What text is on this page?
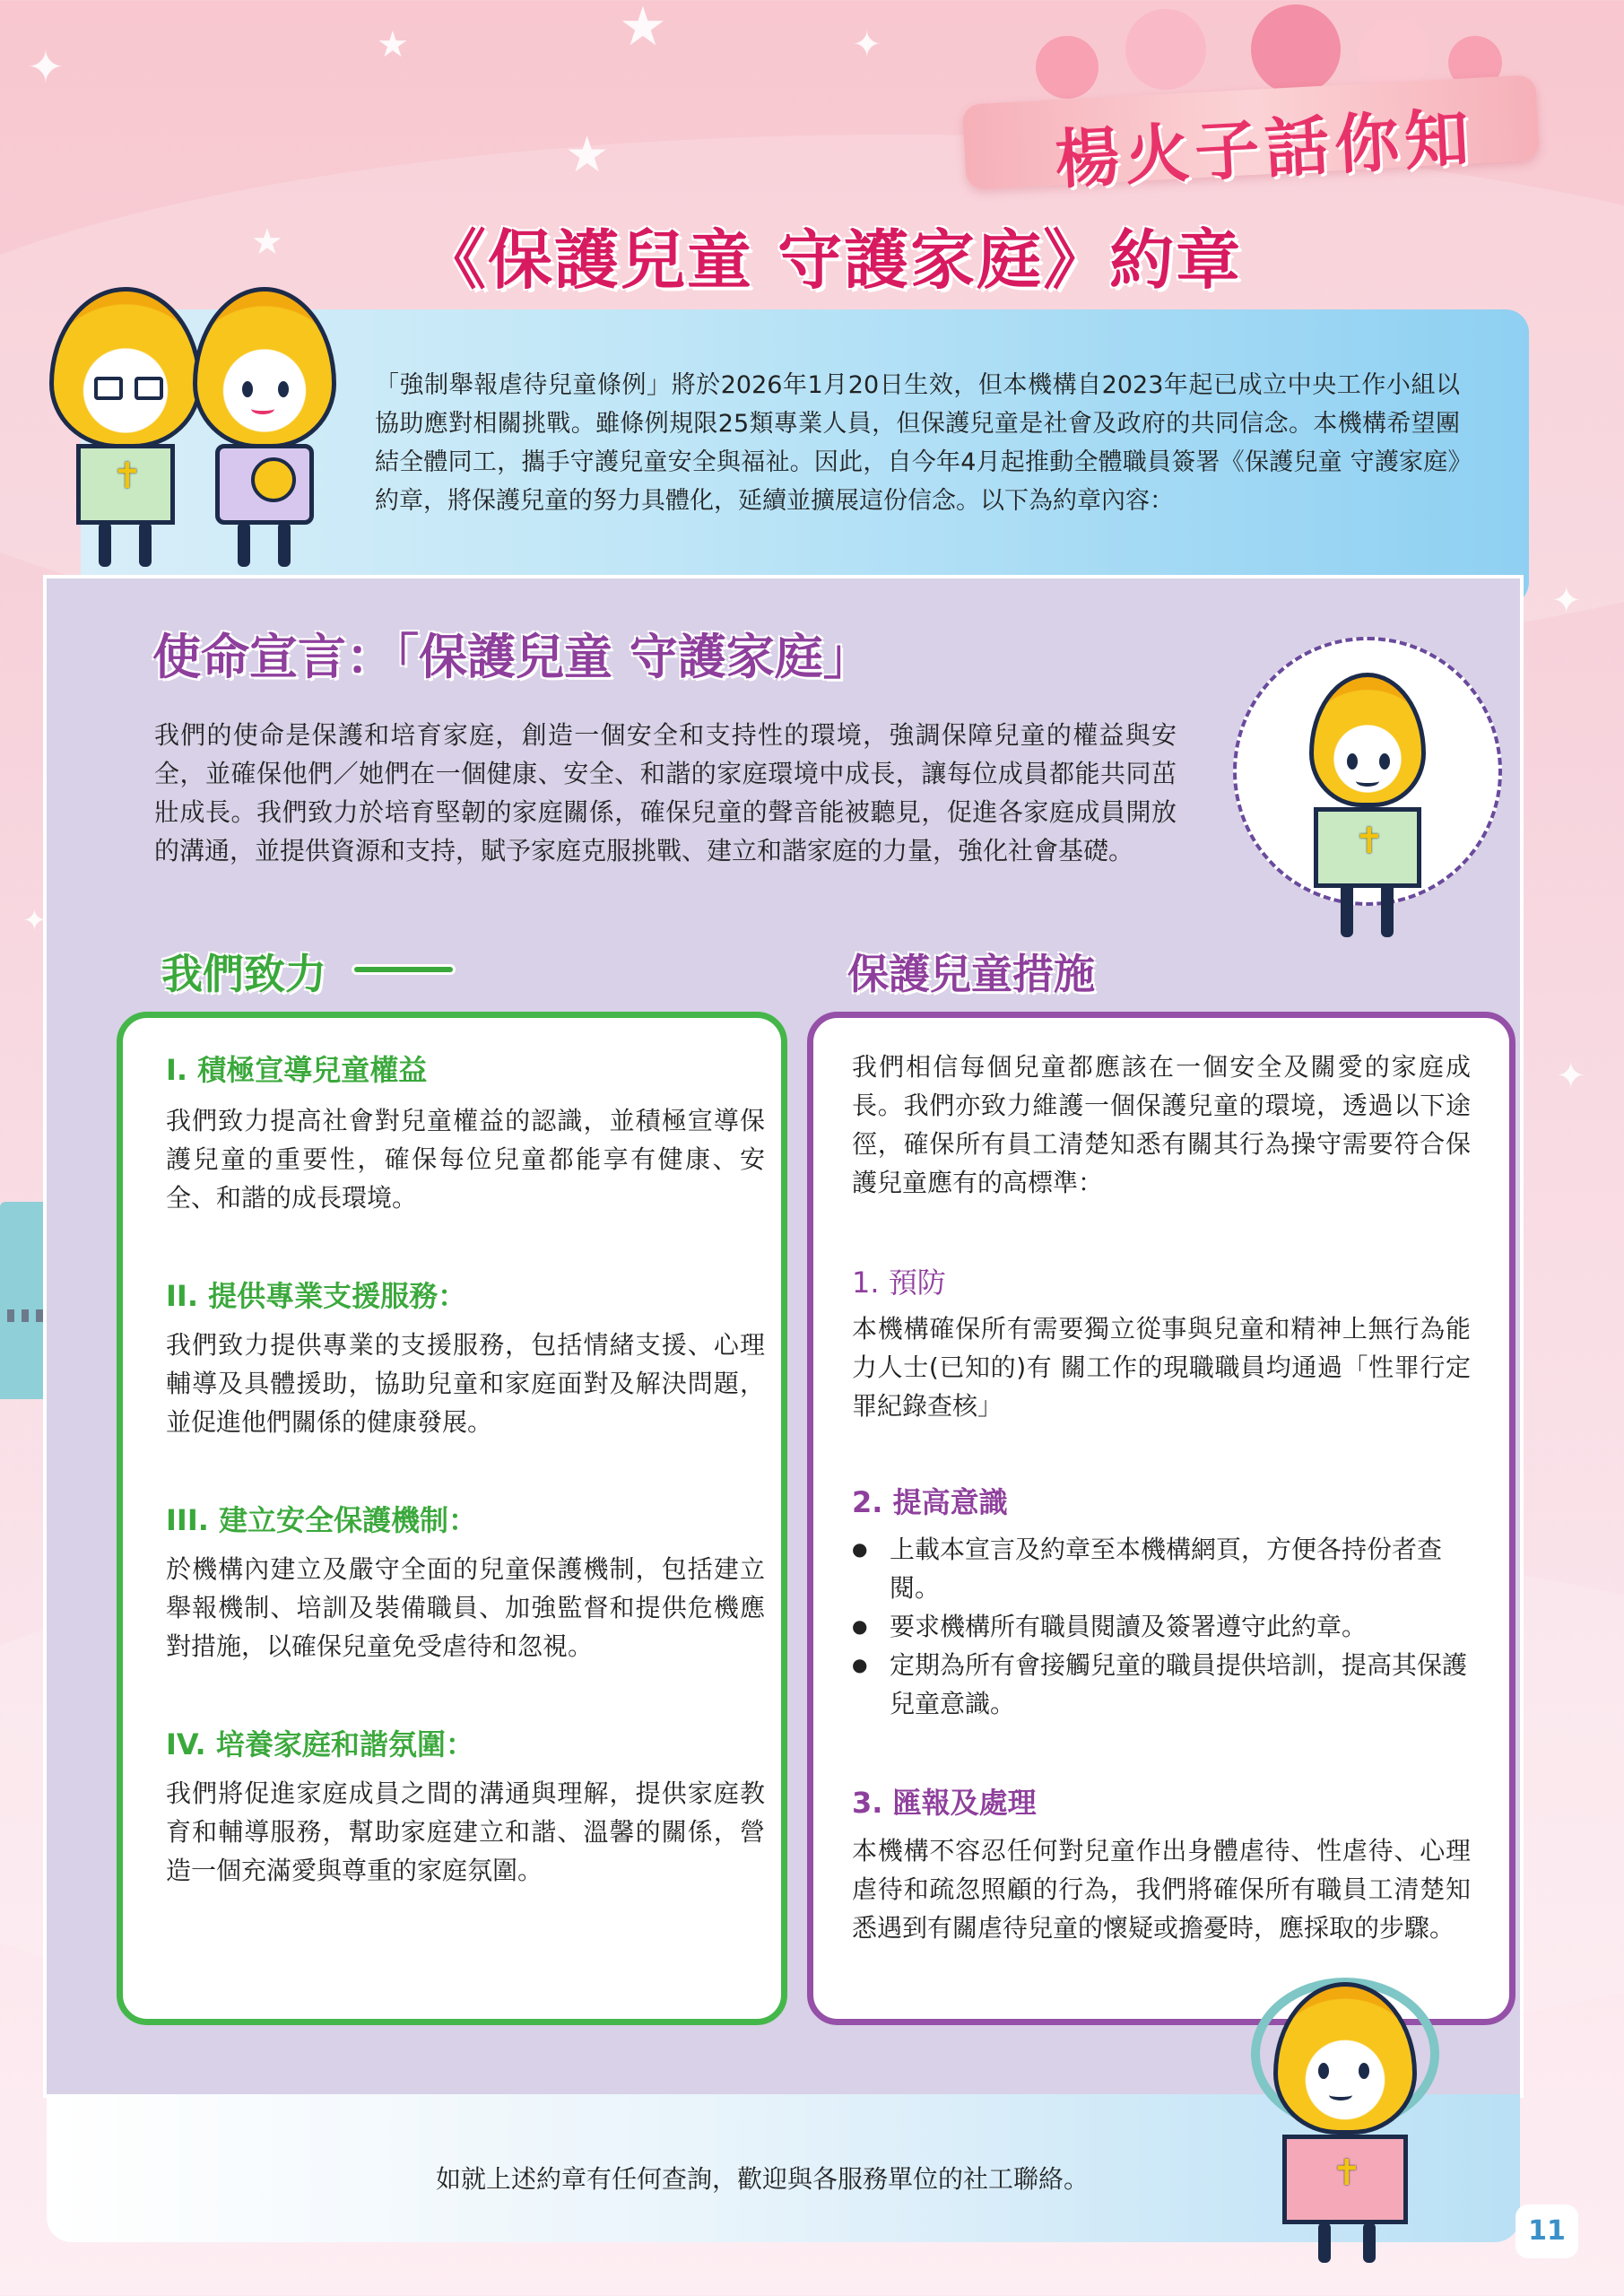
✦	★	★
★
★
✦
✦
✦
✦
楊火子話你知
《保護兒童 守護家庭》約章
「強制舉報虐待兒童條例」將於2026年1月20日生效，但本機構自2023年起已成立中央工作小組以協助應對相關挑戰。雖條例規限25類專業人員，但保護兒童是社會及政府的共同信念。本機構希望團結全體同工，攜手守護兒童安全與福祉。因此，自今年4月起推動全體職員簽署《保護兒童 守護家庭》約章，將保護兒童的努力具體化，延續並擴展這份信念。以下為約章內容：
✝
使命宣言：「保護兒童 守護家庭」
我們的使命是保護和培育家庭，創造一個安全和支持性的環境，強調保障兒童的權益與安全，並確保他們／她們在一個健康、安全、和諧的家庭環境中成長，讓每位成員都能共同茁壯成長。我們致力於培育堅韌的家庭關係，確保兒童的聲音能被聽見，促進各家庭成員開放的溝通，並提供資源和支持，賦予家庭克服挑戰、建立和諧家庭的力量，強化社會基礎。	✝
我們致力	保護兒童措施
I. 積極宣導兒童權益
我們致力提高社會對兒童權益的認識，並積極宣導保護兒童的重要性，確保每位兒童都能享有健康、安全、和諧的成長環境。
II. 提供專業支援服務：
我們致力提供專業的支援服務，包括情緒支援、心理輔導及具體援助，協助兒童和家庭面對及解決問題，並促進他們關係的健康發展。
III. 建立安全保護機制：
於機構內建立及嚴守全面的兒童保護機制，包括建立舉報機制、培訓及裝備職員、加強監督和提供危機應對措施，以確保兒童免受虐待和忽視。
IV. 培養家庭和諧氛圍：
我們將促進家庭成員之間的溝通與理解，提供家庭教育和輔導服務，幫助家庭建立和諧、溫馨的關係，營造一個充滿愛與尊重的家庭氛圍。
我們相信每個兒童都應該在一個安全及關愛的家庭成長。我們亦致力維護一個保護兒童的環境，透過以下途徑，確保所有員工清楚知悉有關其行為操守需要符合保護兒童應有的高標準：
1. 預防
本機構確保所有需要獨立從事與兒童和精神上無行為能力人士(已知的)有 關工作的現職職員均通過「性罪行定罪紀錄查核」
2. 提高意識
● 上載本宣言及約章至本機構網頁，方便各持份者查閱。
● 要求機構所有職員閱讀及簽署遵守此約章。
● 定期為所有會接觸兒童的職員提供培訓，提高其保護兒童意識。
3. 匯報及處理
本機構不容忍任何對兒童作出身體虐待、性虐待、心理虐待和疏忽照顧的行為，我們將確保所有職員工清楚知悉遇到有關虐待兒童的懷疑或擔憂時，應採取的步驟。
如就上述約章有任何查詢，歡迎與各服務單位的社工聯絡。	✝
11
